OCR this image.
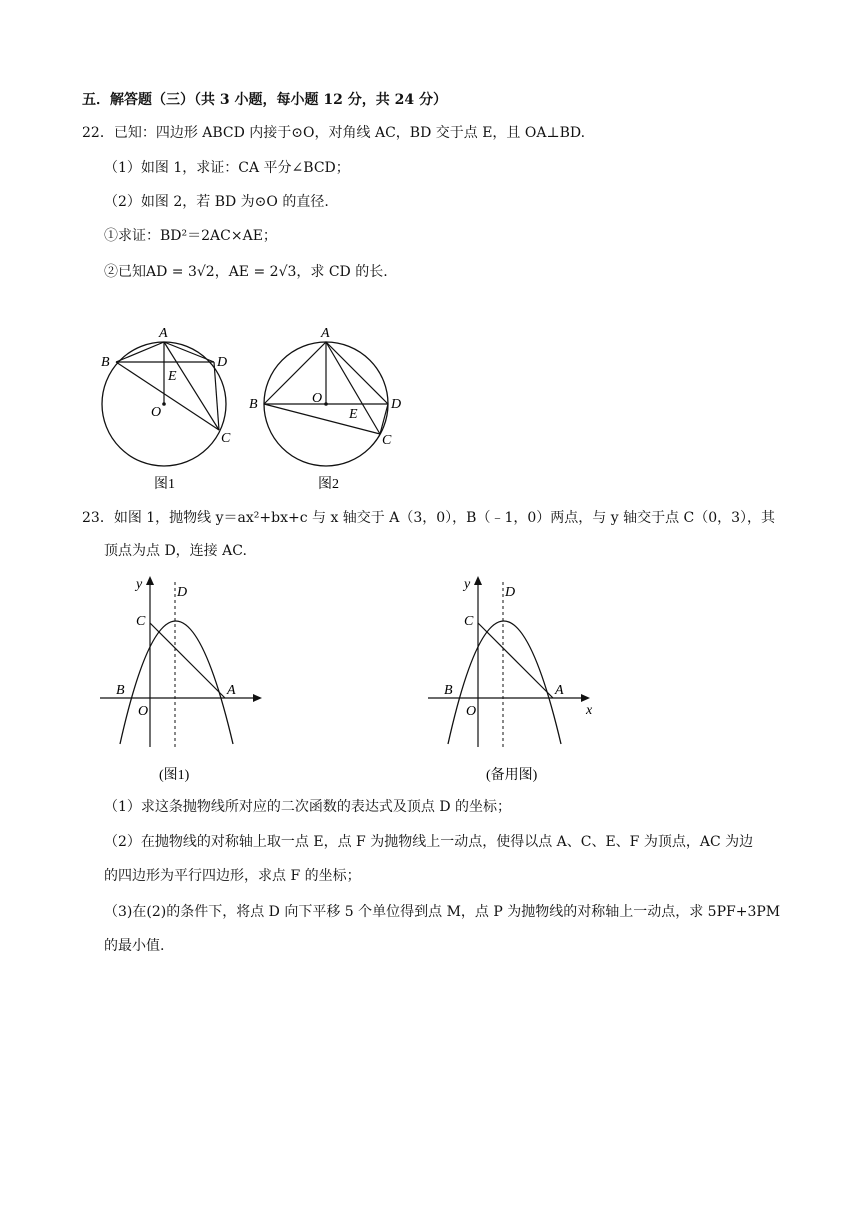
五．解答题（三）（共 3 小题，每小题 12 分，共 24 分）
22．已知：四边形 ABCD 内接于⊙O，对角线 AC，BD 交于点 E，且 OA⊥BD.
（1）如图 1，求证：CA 平分∠BCD；
（2）如图 2，若 BD 为⊙O 的直径.
①求证：BD²＝2AC×AE；
②已知AD = 3√2，AE = 2√3，求 CD 的长.
A
B	D
E
O
C
图1
A
B	D
O
E
C
图2
23．如图 1，抛物线 y＝ax²+bx+c 与 x 轴交于 A（3，0），B（﹣1，0）两点，与 y 轴交于点 C（0，3），其
顶点为点 D，连接 AC.
y
D
C
B
O
A
(图1)
y
D
C
B
O
A
x
(备用图)
（1）求这条抛物线所对应的二次函数的表达式及顶点 D 的坐标；
（2）在抛物线的对称轴上取一点 E，点 F 为抛物线上一动点，使得以点 A、C、E、F 为顶点，AC 为边
的四边形为平行四边形，求点 F 的坐标；
（3)在(2)的条件下，将点 D 向下平移 5 个单位得到点 M，点 P 为抛物线的对称轴上一动点，求 5PF+3PM
的最小值.
